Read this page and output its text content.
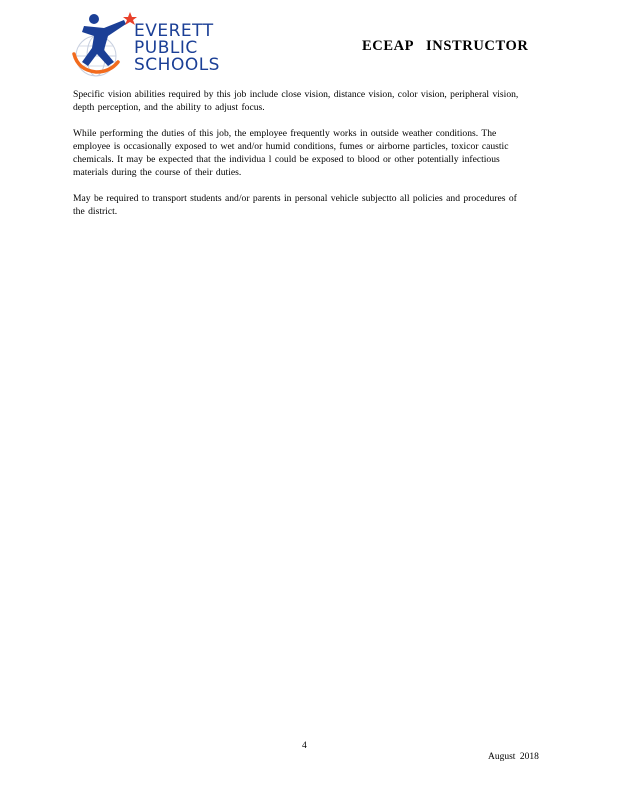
EVERETT
PUBLIC
SCHOOLS
ECEAP   INSTRUCTOR

Specific vision abilities required by this job include close vision, distance vision, color vision, peripheral vision, depth perception, and the ability to adjust focus.

While performing the duties of this job, the employee frequently works in outside weather conditions. The employee is occasionally exposed to wet and/or humid conditions, fumes or airborne particles, toxicor caustic chemicals. It may be expected that the individua l could be exposed to blood or other potentially infectious materials during the course of their duties.

May be required to transport students and/or parents in personal vehicle subjectto all policies and procedures of the district.

4
August 2018
